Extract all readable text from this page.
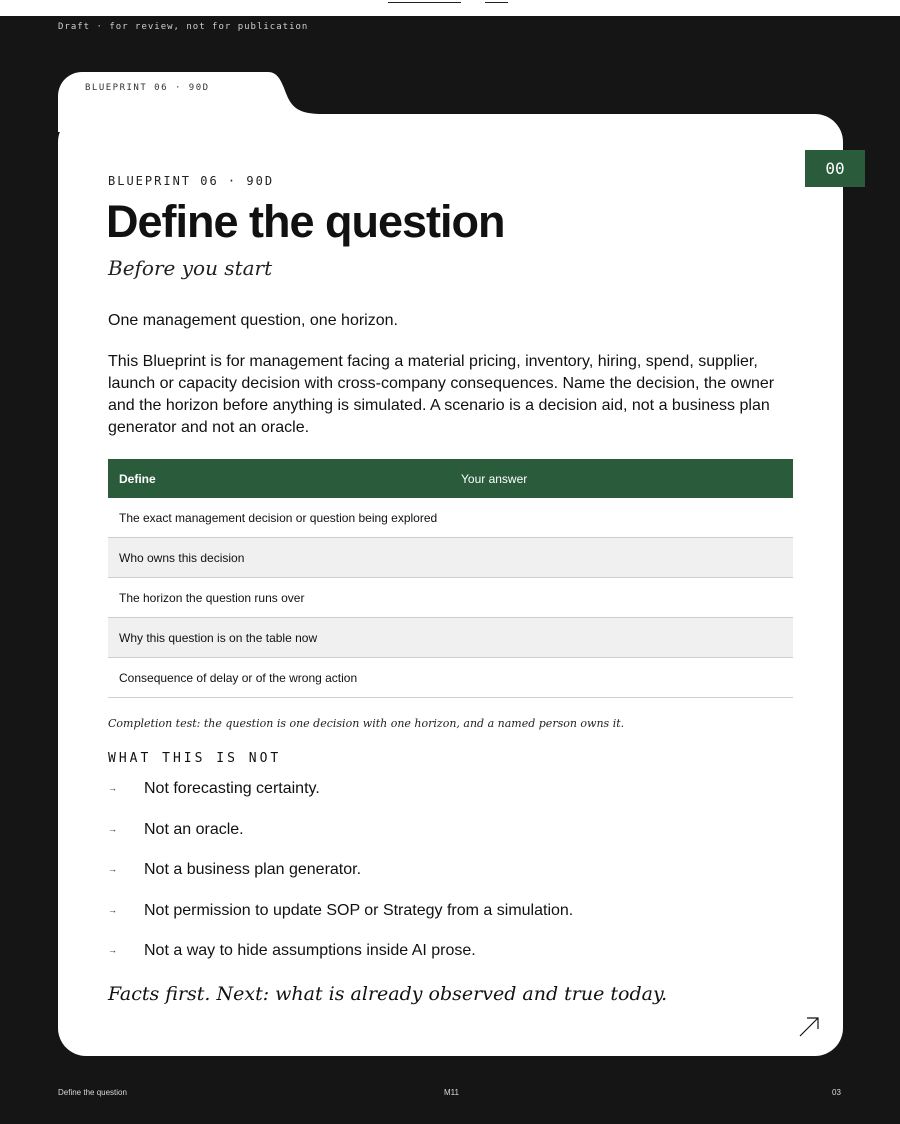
Draft · for review, not for publication
BLUEPRINT 06 · 90D
00
BLUEPRINT 06 · 90D
Define the question
Before you start
One management question, one horizon.
This Blueprint is for management facing a material pricing, inventory, hiring, spend, supplier, launch or capacity decision with cross-company consequences. Name the decision, the owner and the horizon before anything is simulated. A scenario is a decision aid, not a business plan generator and not an oracle.
Define	Your answer
The exact management decision or question being explored
Who owns this decision
The horizon the question runs over
Why this question is on the table now
Consequence of delay or of the wrong action
Completion test: the question is one decision with one horizon, and a named person owns it.
WHAT THIS IS NOT
→ Not forecasting certainty.
→ Not an oracle.
→ Not a business plan generator.
→ Not permission to update SOP or Strategy from a simulation.
→ Not a way to hide assumptions inside AI prose.
Facts first. Next: what is already observed and true today.
Define the question	M11	03
